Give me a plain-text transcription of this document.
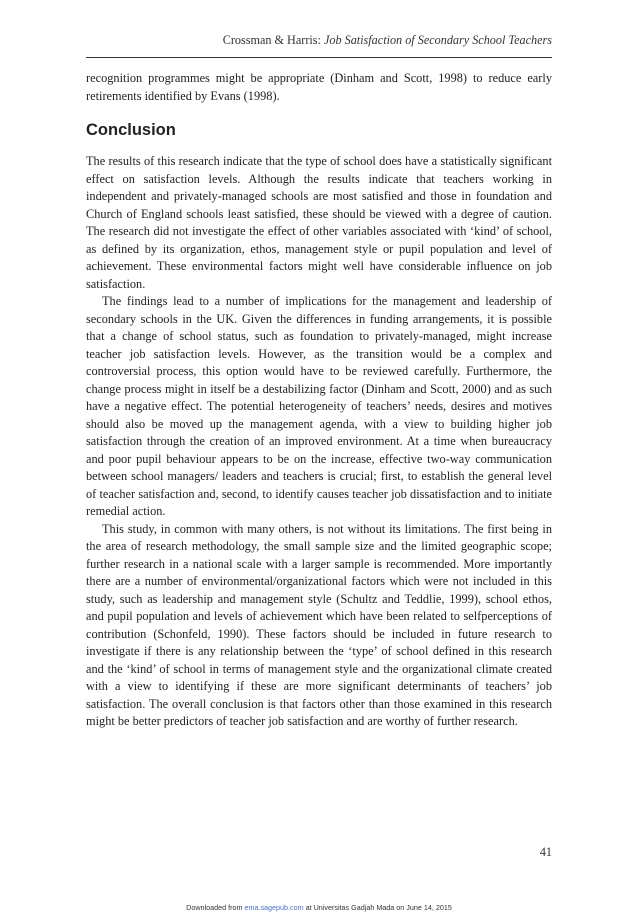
Crossman & Harris: Job Satisfaction of Secondary School Teachers

recognition programmes might be appropriate (Dinham and Scott, 1998) to reduce early retirements identified by Evans (1998).

Conclusion

The results of this research indicate that the type of school does have a statistically significant effect on satisfaction levels. Although the results indicate that teachers working in independent and privately-managed schools are most satisfied and those in foundation and Church of England schools least satisfied, these should be viewed with a degree of caution. The research did not investigate the effect of other variables associated with ‘kind’ of school, as defined by its organization, ethos, management style or pupil population and level of achievement. These environmental factors might well have considerable influence on job satisfaction.

The findings lead to a number of implications for the management and leadership of secondary schools in the UK. Given the differences in funding arrangements, it is possible that a change of school status, such as foundation to privately-managed, might increase teacher job satisfaction levels. However, as the transition would be a complex and controversial process, this option would have to be reviewed carefully. Furthermore, the change process might in itself be a destabilizing factor (Dinham and Scott, 2000) and as such have a negative effect. The potential heterogeneity of teachers’ needs, desires and motives should also be moved up the management agenda, with a view to building higher job satisfaction through the creation of an improved environment. At a time when bureaucracy and poor pupil behaviour appears to be on the increase, effective two-way communication between school managers/ leaders and teachers is crucial; first, to establish the general level of teacher satisfaction and, second, to identify causes teacher job dissatisfaction and to initiate remedial action.

This study, in common with many others, is not without its limitations. The first being in the area of research methodology, the small sample size and the limited geographic scope; further research in a national scale with a larger sample is recommended. More importantly there are a number of environmental/organizational factors which were not included in this study, such as leadership and management style (Schultz and Teddlie, 1999), school ethos, and pupil population and levels of achievement which have been related to selfperceptions of contribution (Schonfeld, 1990). These factors should be included in future research to investigate if there is any relationship between the ‘type’ of school defined in this research and the ‘kind’ of school in terms of management style and the organizational climate created with a view to identifying if these are more significant determinants of teachers’ job satisfaction. The overall conclusion is that factors other than those examined in this research might be better predictors of teacher job satisfaction and are worthy of further research.

41
Downloaded from ema.sagepub.com at Universitas Gadjah Mada on June 14, 2015
